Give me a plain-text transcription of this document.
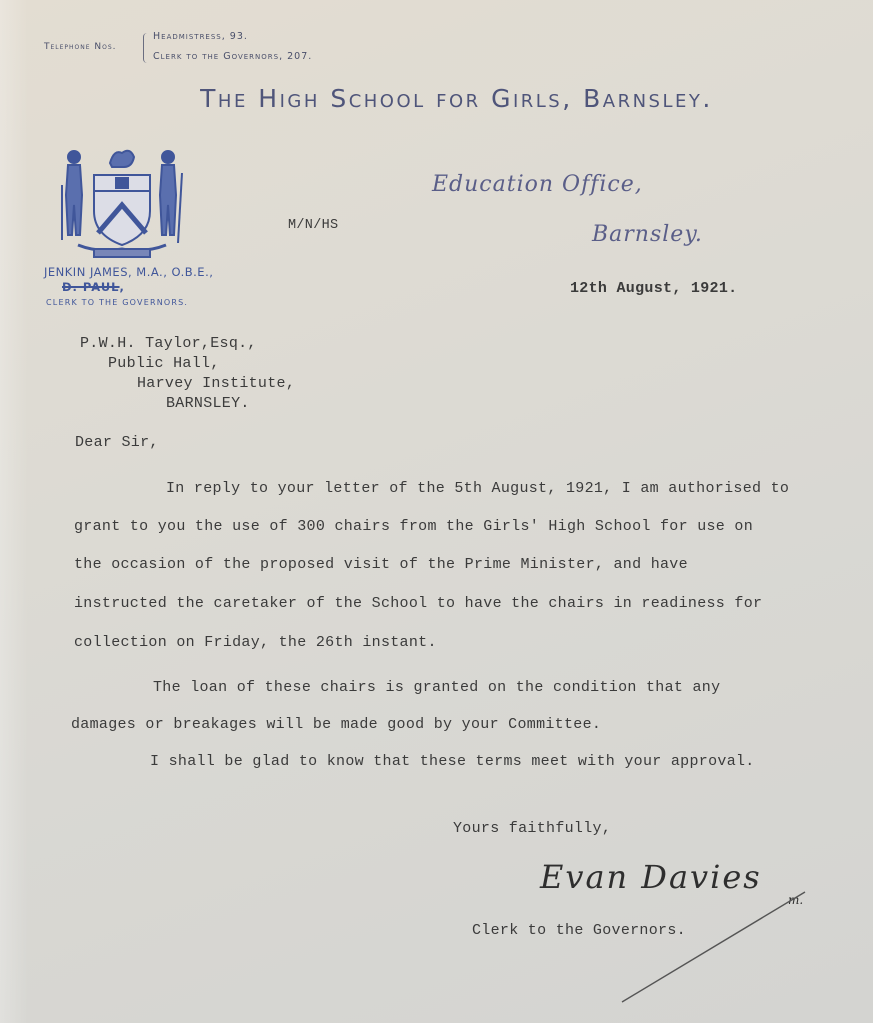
Telephone Nos.
Headmistress, 93.
Clerk to the Governors, 207.
The High School for Girls, Barnsley.
JENKIN JAMES, M.A., O.B.E.,
D. PAUL,
CLERK TO THE GOVERNORS.
Education Office,
Barnsley.
M/N/HS
12th August, 1921.
P.W.H. Taylor,Esq.,
Public Hall,
Harvey Institute,
BARNSLEY.
Dear Sir,
In reply to your letter of the 5th August, 1921, I am authorised to
grant to you the use of 300 chairs from the Girls' High School for use on
the occasion of the proposed visit of the Prime Minister, and have
instructed the caretaker of the School to have the chairs in readiness for
collection on Friday, the 26th instant.
The loan of these chairs is granted on the condition that any
damages or breakages will be made good by your Committee.
I shall be glad to know that these terms meet with your approval.
Yours faithfully,
Evan Davies
m.
Clerk to the Governors.
